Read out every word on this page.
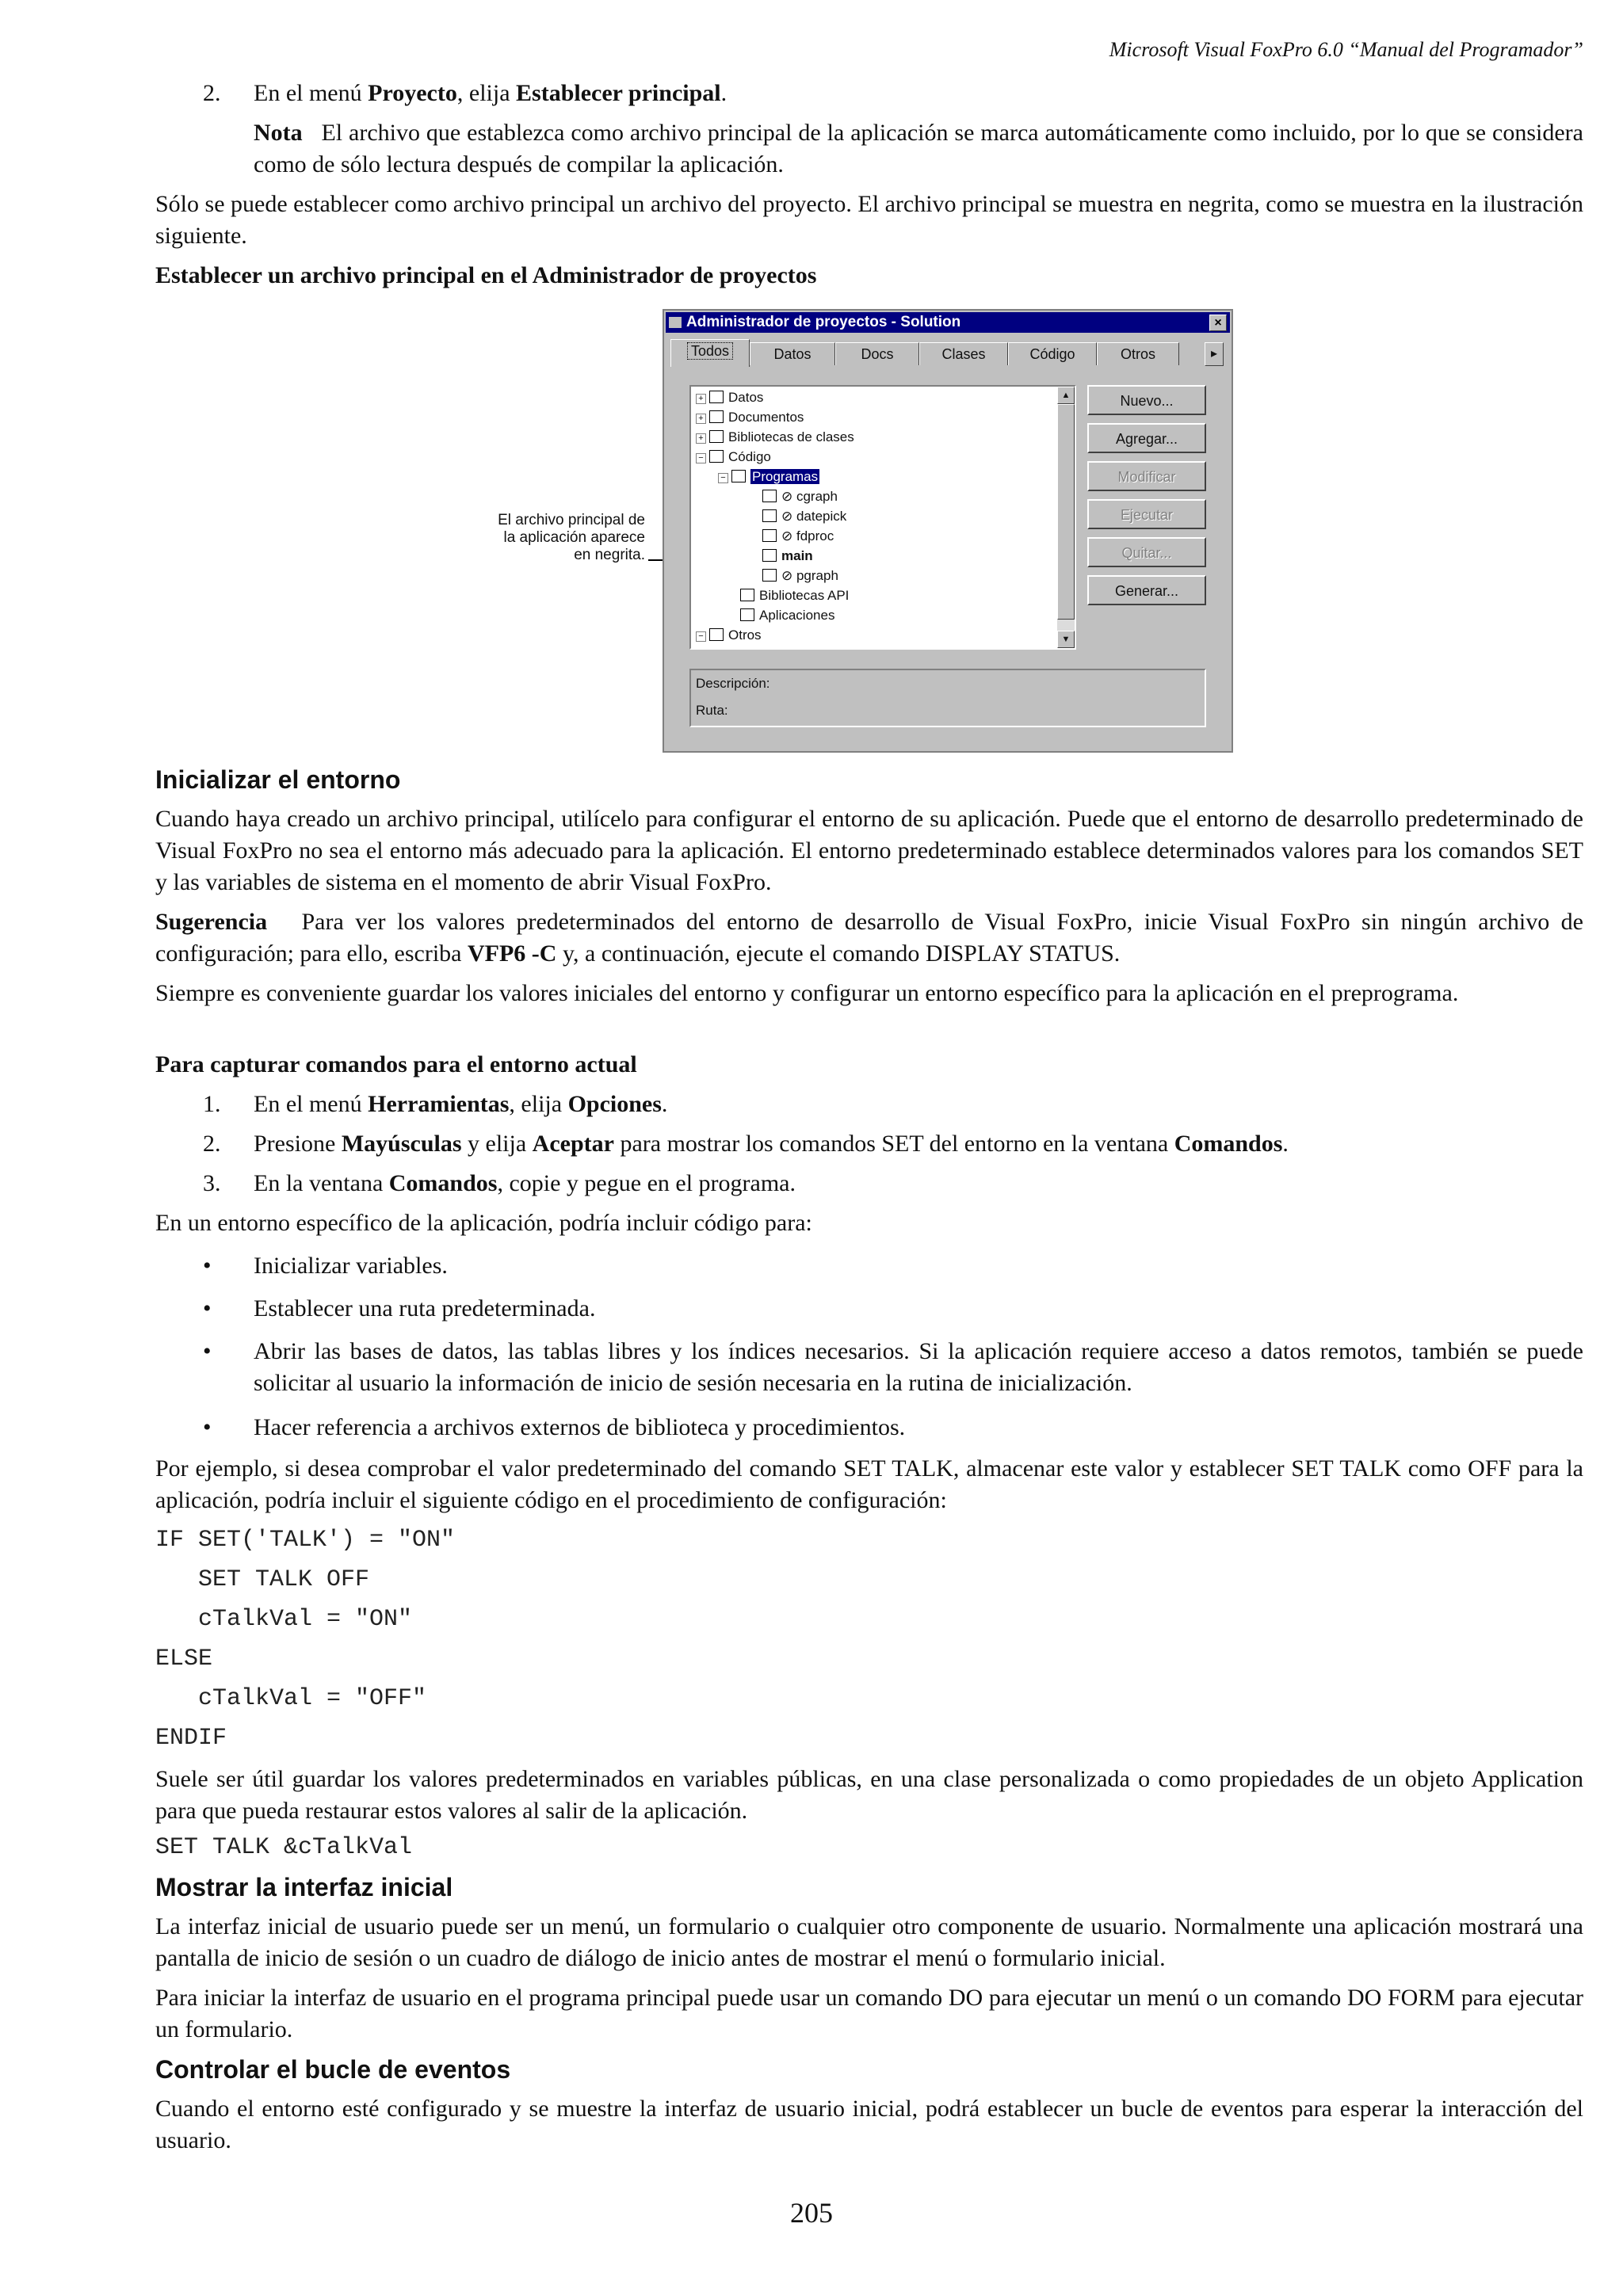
Microsoft Visual FoxPro 6.0 “Manual del Programador”
2. En el menú Proyecto, elija Establecer principal.

Nota El archivo que establezca como archivo principal de la aplicación se marca automáticamente como incluido, por lo que se considera como de sólo lectura después de compilar la aplicación.

Sólo se puede establecer como archivo principal un archivo del proyecto. El archivo principal se muestra en negrita, como se muestra en la ilustración siguiente.

Establecer un archivo principal en el Administrador de proyectos
Inicializar el entorno

Cuando haya creado un archivo principal, utilícelo para configurar el entorno de su aplicación. Puede que el entorno de desarrollo predeterminado de Visual FoxPro no sea el entorno más adecuado para la aplicación. El entorno predeterminado establece determinados valores para los comandos SET y las variables de sistema en el momento de abrir Visual FoxPro.

Sugerencia Para ver los valores predeterminados del entorno de desarrollo de Visual FoxPro, inicie Visual FoxPro sin ningún archivo de configuración; para ello, escriba VFP6 -C y, a continuación, ejecute el comando DISPLAY STATUS.

Siempre es conveniente guardar los valores iniciales del entorno y configurar un entorno específico para la aplicación en el preprograma.

Para capturar comandos para el entorno actual
1. En el menú Herramientas, elija Opciones.
2. Presione Mayúsculas y elija Aceptar para mostrar los comandos SET del entorno en la ventana Comandos.
3. En la ventana Comandos, copie y pegue en el programa.

En un entorno específico de la aplicación, podría incluir código para:

•	Inicializar variables.
•	Establecer una ruta predeterminada.
•	Abrir las bases de datos, las tablas libres y los índices necesarios. Si la aplicación requiere acceso a datos remotos, también se puede solicitar al usuario la información de inicio de sesión necesaria en la rutina de inicialización.
•	Hacer referencia a archivos externos de biblioteca y procedimientos.

Por ejemplo, si desea comprobar el valor predeterminado del comando SET TALK, almacenar este valor y establecer SET TALK como OFF para la aplicación, podría incluir el siguiente código en el procedimiento de configuración:

IF SET('TALK') = "ON"
SET TALK OFF
cTalkVal = "ON"
ELSE
cTalkVal = "OFF"
ENDIF

Suele ser útil guardar los valores predeterminados en variables públicas, en una clase personalizada o como propiedades de un objeto Application para que pueda restaurar estos valores al salir de la aplicación.

SET TALK &cTalkVal
Mostrar la interfaz inicial

La interfaz inicial de usuario puede ser un menú, un formulario o cualquier otro componente de usuario. Normalmente una aplicación mostrará una pantalla de inicio de sesión o un cuadro de diálogo de inicio antes de mostrar el menú o formulario inicial.

Para iniciar la interfaz de usuario en el programa principal puede usar un comando DO para ejecutar un menú o un comando DO FORM para ejecutar un formulario.

Controlar el bucle de eventos

Cuando el entorno esté configurado y se muestre la interfaz de usuario inicial, podrá establecer un bucle de eventos para esperar la interacción del usuario.

El archivo principal de la aplicación aparece en negrita.
Administrador de proyectos - Solution	×
Todos	Datos	Docs	Clases	Código	Otros	▸
+ Datos
+ Documentos
+ Bibliotecas de clases
− Código
− Programas
⊘ cgraph
⊘ datepick
⊘ fdproc
main
⊘ pgraph
Bibliotecas API
Aplicaciones
− Otros
▲
▼
Nuevo...
Agregar...
Modificar
Ejecutar
Quitar...
Generar...
Descripción:
Ruta:
205
